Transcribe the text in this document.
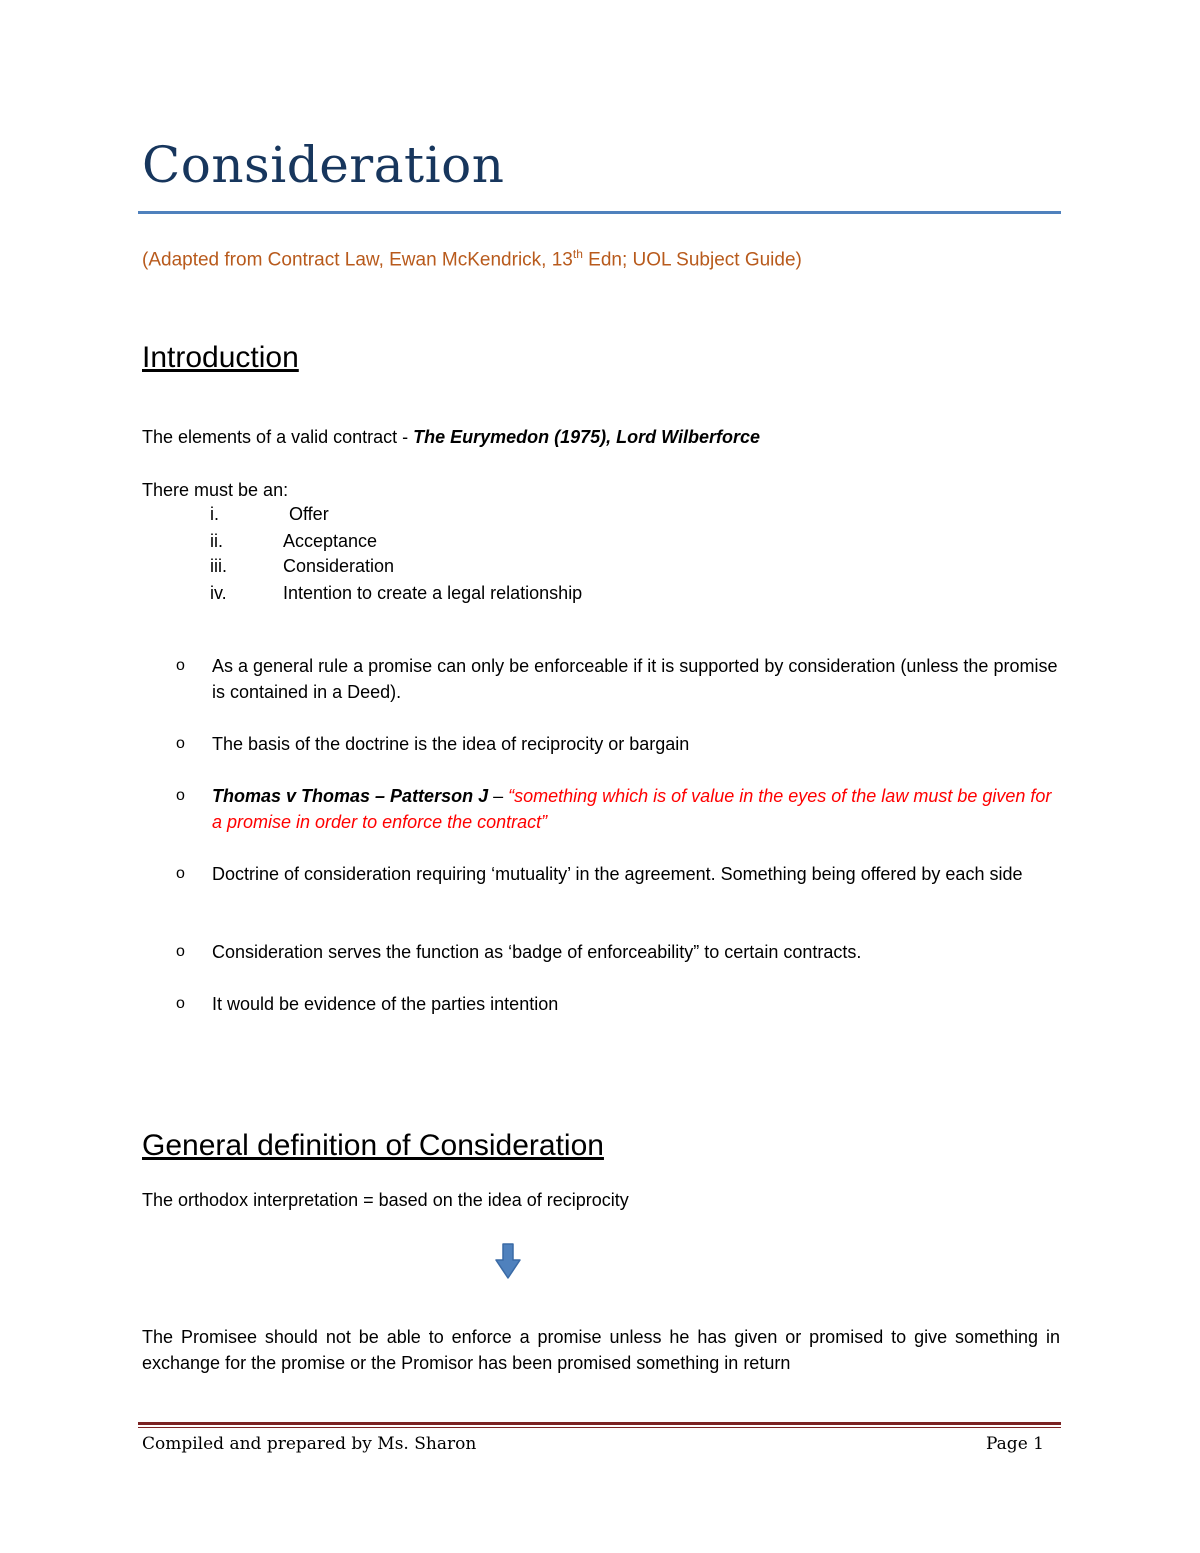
Consideration
(Adapted from Contract Law, Ewan McKendrick, 13th Edn; UOL Subject Guide)
Introduction
The elements of a valid contract - The Eurymedon (1975), Lord Wilberforce
There must be an:
i.	Offer
ii.	Acceptance
iii.	Consideration
iv.	Intention to create a legal relationship
o As a general rule a promise can only be enforceable if it is supported by consideration (unless the promise is contained in a Deed).
o The basis of the doctrine is the idea of reciprocity or bargain
o Thomas v Thomas – Patterson J – “something which is of value in the eyes of the law must be given for a promise in order to enforce the contract”
o Doctrine of consideration requiring ‘mutuality’ in the agreement. Something being offered by each side
o Consideration serves the function as ‘badge of enforceability” to certain contracts.
o It would be evidence of the parties intention
General definition of Consideration
The orthodox interpretation = based on the idea of reciprocity
The Promisee should not be able to enforce a promise unless he has given or promised to give something in exchange for the promise or the Promisor has been promised something in return
Compiled and prepared by Ms. Sharon	Page 1
